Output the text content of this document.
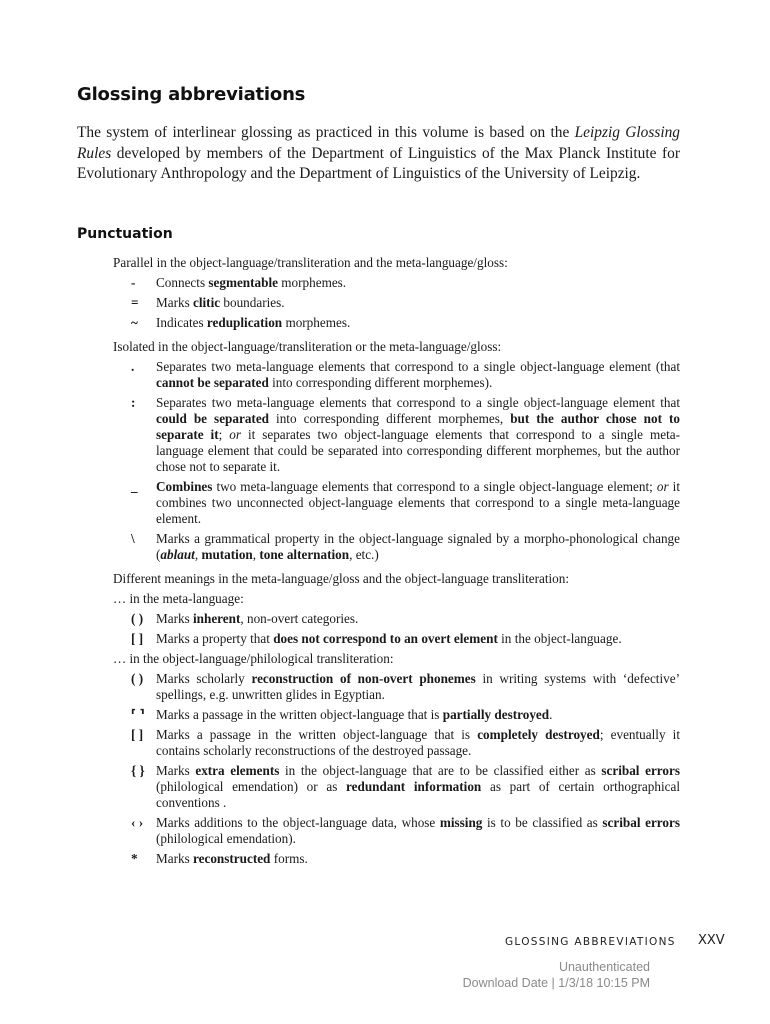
Glossing abbreviations

The system of interlinear glossing as practiced in this volume is based on the Leipzig Glossing Rules developed by members of the Department of Linguistics of the Max Planck Institute for Evolutionary Anthropology and the Department of Linguistics of the University of Leipzig.

Punctuation

Parallel in the object-language/transliteration and the meta-language/gloss:

-	Connects segmentable morphemes.
=	Marks clitic boundaries.
~	Indicates reduplication morphemes.

Isolated in the object-language/transliteration or the meta-language/gloss:

.	Separates two meta-language elements that correspond to a single object-language element (that cannot be separated into corresponding different morphemes).
:	Separates two meta-language elements that correspond to a single object-language element that could be separated into corresponding different morphemes, but the author chose not to separate it; or it separates two object-language elements that correspond to a single meta-language element that could be separated into corresponding different morphemes, but the author chose not to separate it.
_	Combines two meta-language elements that correspond to a single object-language element; or it combines two unconnected object-language elements that correspond to a single meta-language element.
\	Marks a grammatical property in the object-language signaled by a morpho-phonological change (ablaut, mutation, tone alternation, etc.)

Different meanings in the meta-language/gloss and the object-language transliteration:

… in the meta-language:

( ) Marks inherent, non-overt categories.
[ ] Marks a property that does not correspond to an overt element in the object-language.

… in the object-language/philological transliteration:

( ) Marks scholarly reconstruction of non-overt phonemes in writing systems with ‘defective’ spellings, e.g. unwritten glides in Egyptian.
⸢ ⸣ Marks a passage in the written object-language that is partially destroyed.
[ ] Marks a passage in the written object-language that is completely destroyed; eventually it contains scholarly reconstructions of the destroyed passage.
{ } Marks extra elements in the object-language that are to be classified either as scribal errors (philological emendation) or as redundant information as part of certain orthographical conventions .
‹ › Marks additions to the object-language data, whose missing is to be classified as scribal errors (philological emendation).
*	Marks reconstructed forms.
GLOSSING ABBREVIATIONS XXV
Unauthenticated
Download Date | 1/3/18 10:15 PM
